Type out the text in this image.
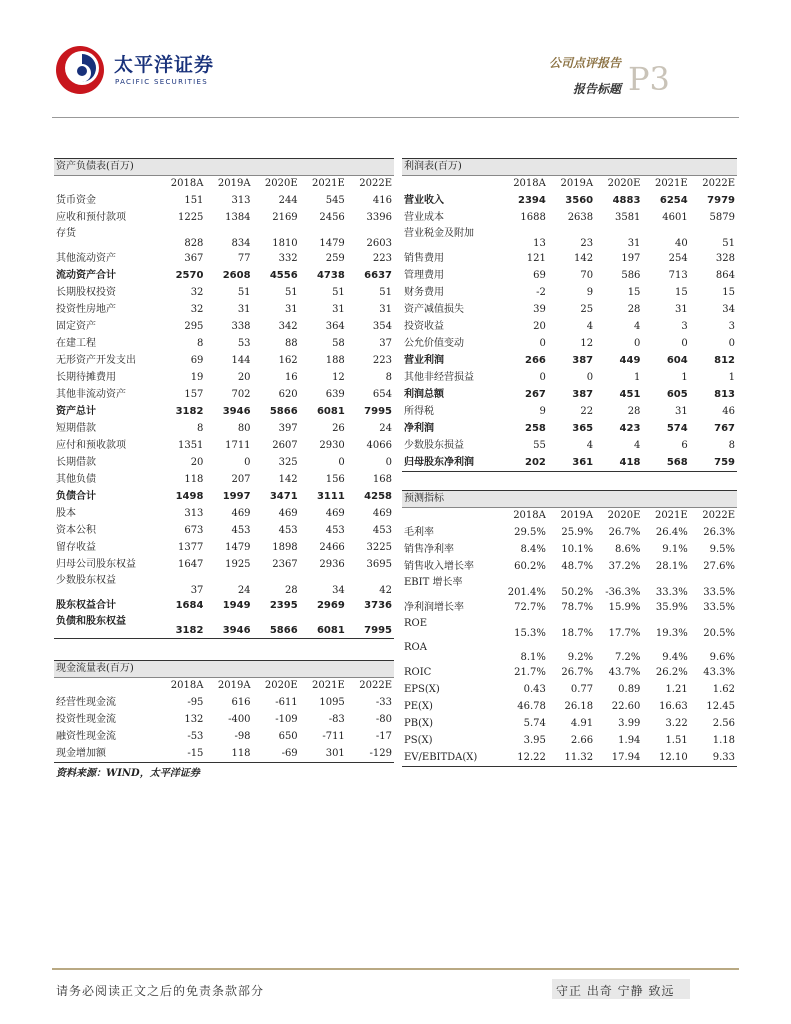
太平洋证券
PACIFIC SECURITIES
公司点评报告
报告标题 P3
资产负债表(百万)					
	2018A	2019A	2020E	2021E	2022E
货币资金	151	313	244	545	416
应收和预付款项	1225	1384	2169	2456	3396
存货	828	834	1810	1479	2603
其他流动资产	367	77	332	259	223
流动资产合计	2570	2608	4556	4738	6637
长期股权投资	32	51	51	51	51
投资性房地产	32	31	31	31	31
固定资产	295	338	342	364	354
在建工程	8	53	88	58	37
无形资产开发支出	69	144	162	188	223
长期待摊费用	19	20	16	12	8
其他非流动资产	157	702	620	639	654
资产总计	3182	3946	5866	6081	7995
短期借款	8	80	397	26	24
应付和预收款项	1351	1711	2607	2930	4066
长期借款	20	0	325	0	0
其他负债	118	207	142	156	168
负债合计	1498	1997	3471	3111	4258
股本	313	469	469	469	469
资本公积	673	453	453	453	453
留存收益	1377	1479	1898	2466	3225
归母公司股东权益	1647	1925	2367	2936	3695
少数股东权益	37	24	28	34	42
股东权益合计	1684	1949	2395	2969	3736
负债和股东权益	3182	3946	5866	6081	7995
现金流量表(百万)					
	2018A	2019A	2020E	2021E	2022E
经营性现金流	-95	616	-611	1095	-33
投资性现金流	132	-400	-109	-83	-80
融资性现金流	-53	-98	650	-711	-17
现金增加额	-15	118	-69	301	-129
利润表(百万)					
	2018A	2019A	2020E	2021E	2022E
营业收入	2394	3560	4883	6254	7979
营业成本	1688	2638	3581	4601	5879
营业税金及附加	13	23	31	40	51
销售费用	121	142	197	254	328
管理费用	69	70	586	713	864
财务费用	-2	9	15	15	15
资产减值损失	39	25	28	31	34
投资收益	20	4	4	3	3
公允价值变动	0	12	0	0	0
营业利润	266	387	449	604	812
其他非经营损益	0	0	1	1	1
利润总额	267	387	451	605	813
所得税	9	22	28	31	46
净利润	258	365	423	574	767
少数股东损益	55	4	4	6	8
归母股东净利润	202	361	418	568	759
预测指标					
	2018A	2019A	2020E	2021E	2022E
毛利率	29.5%	25.9%	26.7%	26.4%	26.3%
销售净利率	8.4%	10.1%	8.6%	9.1%	9.5%
销售收入增长率	60.2%	48.7%	37.2%	28.1%	27.6%
EBIT 增长率	201.4%	50.2%	-36.3%	33.3%	33.5%
净利润增长率	72.7%	78.7%	15.9%	35.9%	33.5%
ROE	15.3%	18.7%	17.7%	19.3%	20.5%
ROA	8.1%	9.2%	7.2%	9.4%	9.6%
ROIC	21.7%	26.7%	43.7%	26.2%	43.3%
EPS(X)	0.43	0.77	0.89	1.21	1.62
PE(X)	46.78	26.18	22.60	16.63	12.45
PB(X)	5.74	4.91	3.99	3.22	2.56
PS(X)	3.95	2.66	1.94	1.51	1.18
EV/EBITDA(X)	12.22	11.32	17.94	12.10	9.33
资料来源：WIND，太平洋证券
请务必阅读正文之后的免责条款部分	守正 出奇 宁静 致远
